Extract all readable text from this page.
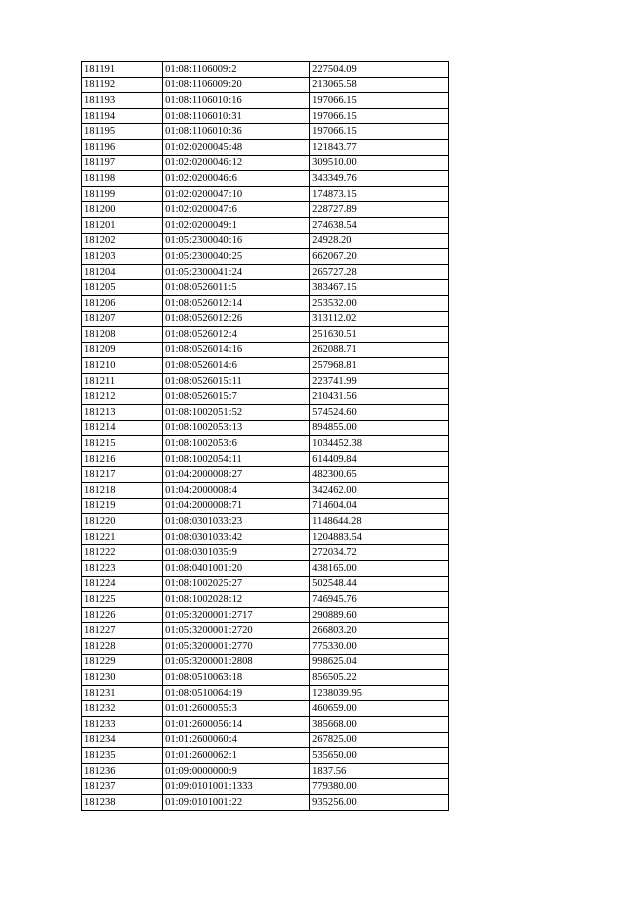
181191	01:08:1106009:2	227504.09
181192	01:08:1106009:20	213065.58
181193	01:08:1106010:16	197066.15
181194	01:08:1106010:31	197066.15
181195	01:08:1106010:36	197066.15
181196	01:02:0200045:48	121843.77
181197	01:02:0200046:12	309510.00
181198	01:02:0200046:6	343349.76
181199	01:02:0200047:10	174873.15
181200	01:02:0200047:6	228727.89
181201	01:02:0200049:1	274638.54
181202	01:05:2300040:16	24928.20
181203	01:05:2300040:25	662067.20
181204	01:05:2300041:24	265727.28
181205	01:08:0526011:5	383467.15
181206	01:08:0526012:14	253532.00
181207	01:08:0526012:26	313112.02
181208	01:08:0526012:4	251630.51
181209	01:08:0526014:16	262088.71
181210	01:08:0526014:6	257968.81
181211	01:08:0526015:11	223741.99
181212	01:08:0526015:7	210431.56
181213	01:08:1002051:52	574524.60
181214	01:08:1002053:13	894855.00
181215	01:08:1002053:6	1034452.38
181216	01:08:1002054:11	614409.84
181217	01:04:2000008:27	482300.65
181218	01:04:2000008:4	342462.00
181219	01:04:2000008:71	714604.04
181220	01:08:0301033:23	1148644.28
181221	01:08:0301033:42	1204883.54
181222	01:08:0301035:9	272034.72
181223	01:08:0401001:20	438165.00
181224	01:08:1002025:27	502548.44
181225	01:08:1002028:12	746945.76
181226	01:05:3200001:2717	290889.60
181227	01:05:3200001:2720	266803.20
181228	01:05:3200001:2770	775330.00
181229	01:05:3200001:2808	998625.04
181230	01:08:0510063:18	856505.22
181231	01:08:0510064:19	1238039.95
181232	01:01:2600055:3	460659.00
181233	01:01:2600056:14	385668.00
181234	01:01:2600060:4	267825.00
181235	01:01:2600062:1	535650.00
181236	01:09:0000000:9	1837.56
181237	01:09:0101001:1333	779380.00
181238	01:09:0101001:22	935256.00
